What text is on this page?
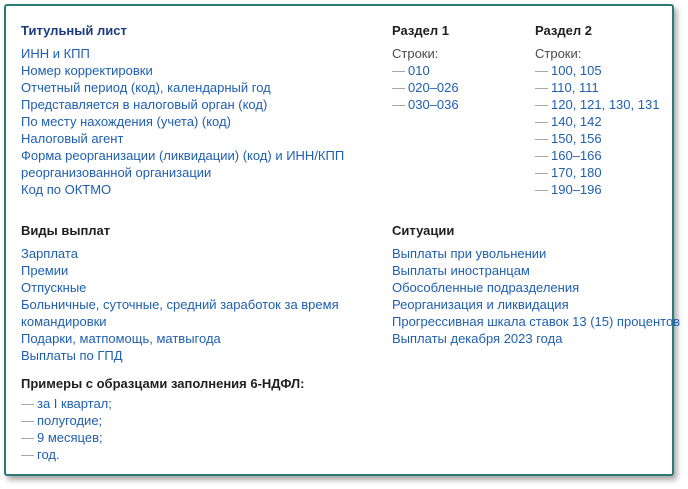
Титульный лист
ИНН и КПП
Номер корректировки
Отчетный период (код), календарный год
Представляется в налоговый орган (код)
По месту нахождения (учета) (код)
Налоговый агент
Форма реорганизации (ликвидации) (код) и ИНН/КПП
реорганизованной организации
Код по ОКТМО
Раздел 1
Строки:
— 010
— 020–026
— 030–036
Раздел 2
Строки:
— 100, 105
— 110, 111
— 120, 121, 130, 131
— 140, 142
— 150, 156
— 160–166
— 170, 180
— 190–196
Виды выплат
Зарплата
Премии
Отпускные
Больничные, суточные, средний заработок за время
командировки
Подарки, матпомощь, матвыгода
Выплаты по ГПД
Ситуации
Выплаты при увольнении
Выплаты иностранцам
Обособленные подразделения
Реорганизация и ликвидация
Прогрессивная шкала ставок 13 (15) процентов
Выплаты декабря 2023 года
Примеры с образцами заполнения 6-НДФЛ:
— за I квартал;
— полугодие;
— 9 месяцев;
— год.
